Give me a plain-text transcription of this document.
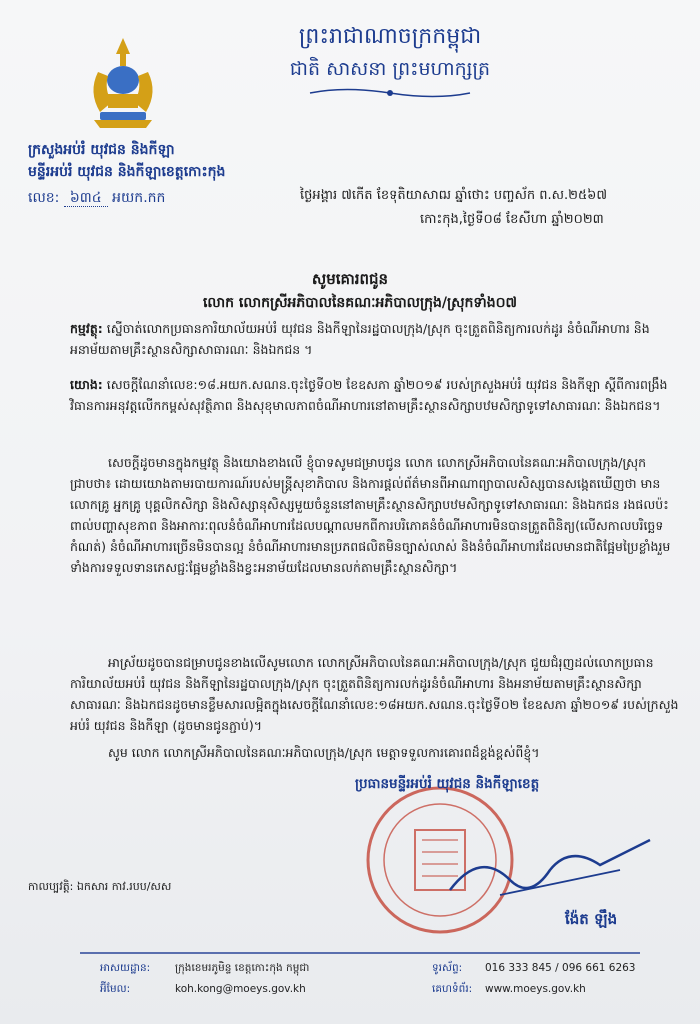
ព្រះរាជាណាចក្រកម្ពុជា
ជាតិ សាសនា ព្រះមហាក្សត្រ
ក្រសួងអប់រំ យុវជន និងកីឡា
មន្ទីរអប់រំ យុវជន និងកីឡាខេត្តកោះកុង
លេខ: ៦៣៤ អយក.កក	ថ្ងៃអង្គារ ៧កើត ខែទុតិយាសាឍ ឆ្នាំថោះ បញ្ចស័ក ព.ស.២៥៦៧
កោះកុង,ថ្ងៃទី០៨ ខែសីហា ឆ្នាំ២០២៣
សូមគោរពជូន
លោក លោកស្រីអភិបាលនៃគណៈអភិបាលក្រុង/ស្រុកទាំង០៧

កម្មវត្ថុ: ស្នើចាត់លោកប្រធានការិយាល័យអប់រំ យុវជន និងកីឡានៃរដ្ឋបាលក្រុង/ស្រុក ចុះត្រួតពិនិត្យការលក់ដូរ នំចំណីអាហារ និងអនាម័យតាមគ្រឹះស្ថានសិក្សាសាធារណៈ និងឯកជន ។

យោង: សេចក្តីណែនាំលេខ:១៨.អយក.សណន.ចុះថ្ងៃទី០២ ខែឧសភា ឆ្នាំ២០១៩ របស់ក្រសួងអប់រំ យុវជន និងកីឡា ស្តីពីការពង្រឹងវិធានការអនុវត្តលើកកម្ពស់សុវត្ថិភាព និងសុខុមាលភាពចំណីអាហារនៅតាមគ្រឹះស្ថានសិក្សាបឋមសិក្សាទូទៅសាធារណៈ និងឯកជន។

សេចក្តីដូចមានក្នុងកម្មវត្ថុ និងយោងខាងលើ ខ្ញុំបាទសូមជម្រាបជូន លោក លោកស្រីអភិបាលនៃគណៈអភិបាលក្រុង/ស្រុកជ្រាបថា៖ ដោយយោងតាមរបាយការណ៍របស់មន្ត្រីសុខាភិបាល និងការផ្តល់ព័ត៌មានពីអាណាព្យាបាលសិស្សបានសង្កេតឃើញថា មានលោកគ្រូ អ្នកគ្រូ បុគ្គលិកសិក្សា និងសិស្សានុសិស្សមួយចំនួននៅតាមគ្រឹះស្ថានសិក្សាបឋមសិក្សាទូទៅសាធារណៈ និងឯកជន រងផលប៉ះពាល់បញ្ហាសុខភាព និងអាការៈពុលនំចំណីអាហារដែលបណ្តាលមកពីការបរិភោគនំចំណីអាហារមិនបានត្រួតពិនិត្យ(លើសកាលបរិច្ឆេទកំណត់) នំចំណីអាហារច្រើនមិនបានល្អ នំចំណីអាហារមានប្រភពផលិតមិនច្បាស់លាស់ និងនំចំណីអាហារដែលមានជាតិផ្អែមប្រៃខ្លាំងរួមទាំងការទទួលទានភេសជ្ជៈផ្អែមខ្លាំងនិងខ្វះអនាម័យដែលមានលក់តាមគ្រឹះស្ថានសិក្សា។

អាស្រ័យដូចបានជម្រាបជូនខាងលើសូមលោក លោកស្រីអភិបាលនៃគណៈអភិបាលក្រុង/ស្រុក ជួយជំរុញដល់លោកប្រធានការិយាល័យអប់រំ យុវជន និងកីឡានៃរដ្ឋបាលក្រុង/ស្រុក ចុះត្រួតពិនិត្យការលក់ដូរនំចំណីអាហារ និងអនាម័យតាមគ្រឹះស្ថានសិក្សាសាធារណៈ និងឯកជនដូចមានខ្លឹមសារលម្អិតក្នុងសេចក្តីណែនាំលេខ:១៨អយក.សណន.ចុះថ្ងៃទី០២ ខែឧសភា ឆ្នាំ២០១៩ របស់ក្រសួងអប់រំ យុវជន និងកីឡា (ដូចមានជូនភ្ជាប់)។

សូម លោក លោកស្រីអភិបាលនៃគណៈអភិបាលក្រុង/ស្រុក មេត្តាទទួលការគោរពដ៏ខ្ពង់ខ្ពស់ពីខ្ញុំ។

ប្រធានមន្ទីរអប់រំ យុវជន និងកីឡាខេត្ត
ង៉ែត ឡឹង
កាលប្បវត្តិ: ឯកសារ កាវ.របប/សស
អាសយដ្ឋាន: ក្រុងខេមរភូមិន្ទ ខេត្តកោះកុង កម្ពុជា
អ៊ីមែល:	koh.kong@moeys.gov.kh
ទូរស័ព្ទ: 016 333 845 / 096 661 6263
គេហទំព័រ: www.moeys.gov.kh
